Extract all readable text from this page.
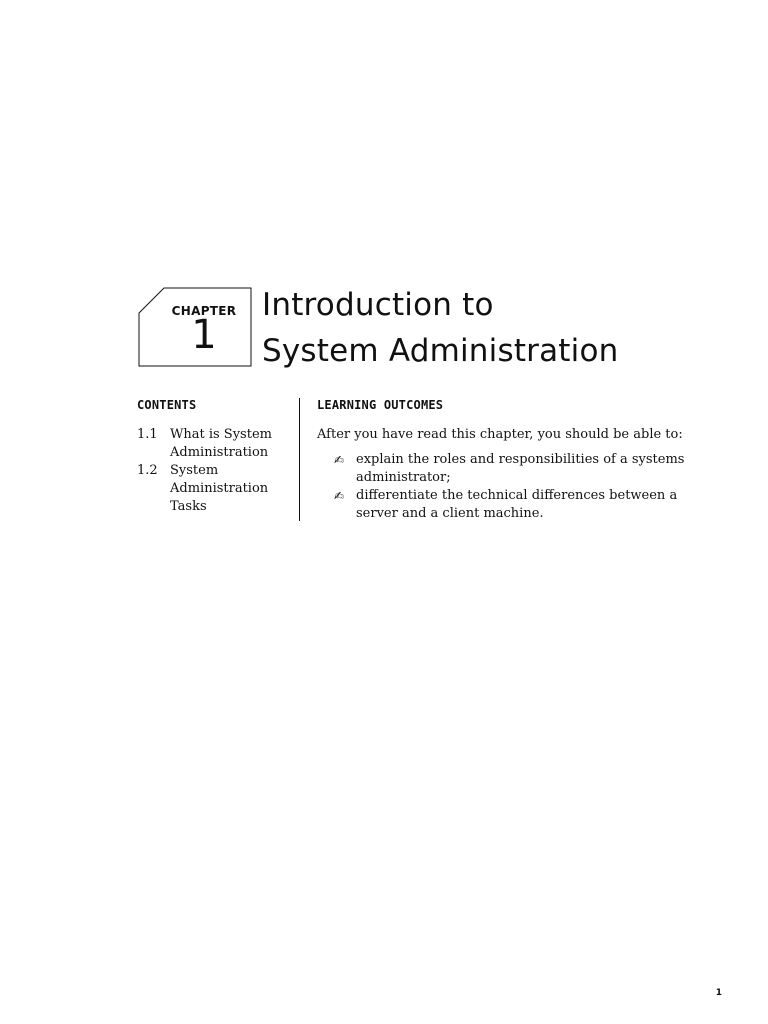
CHAPTER
1
Introduction to
System Administration
CONTENTS
1.1 What is System Administration
1.2 System Administration Tasks
LEARNING OUTCOMES
After you have read this chapter, you should be able to:
✍︎ explain the roles and responsibilities of a systems administrator;
✍︎ differentiate the technical differences between a server and a client machine.
1
